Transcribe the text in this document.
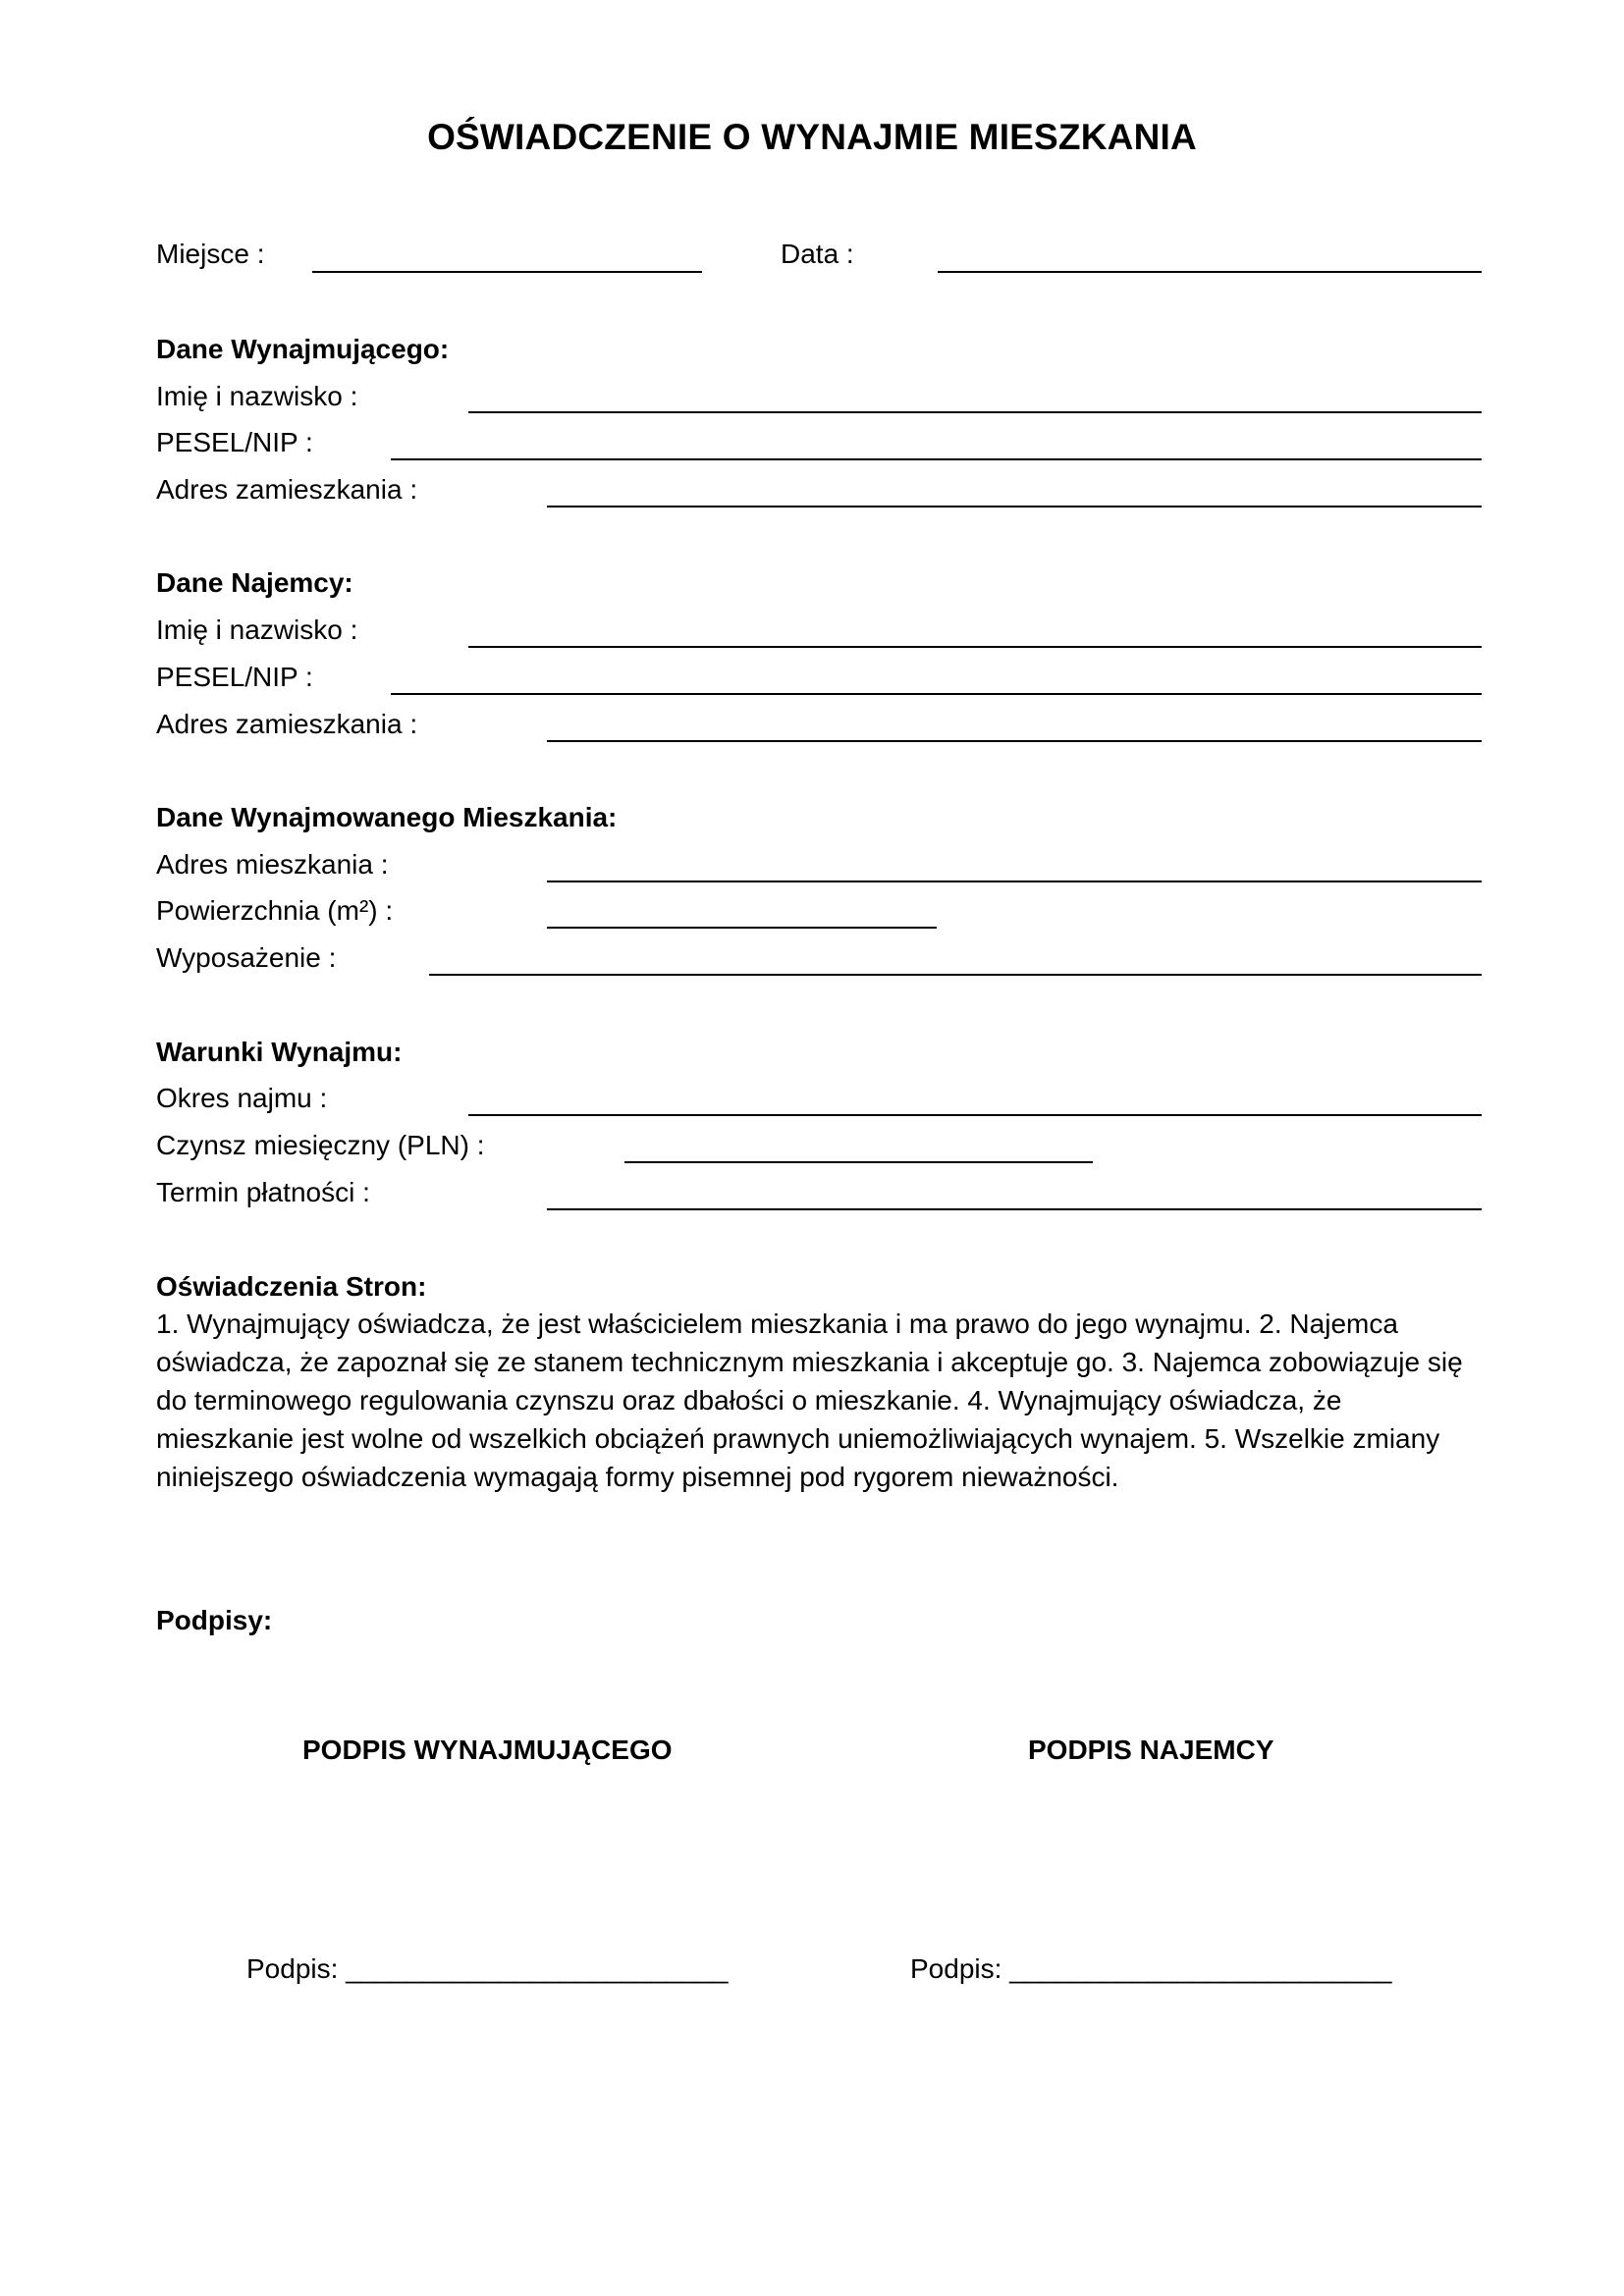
OŚWIADCZENIE O WYNAJMIE MIESZKANIA
Miejsce :	Data :
Dane Wynajmującego:
Imię i nazwisko :
PESEL/NIP :
Adres zamieszkania :
Dane Najemcy:
Imię i nazwisko :
PESEL/NIP :
Adres zamieszkania :
Dane Wynajmowanego Mieszkania:
Adres mieszkania :
Powierzchnia (m²) :
Wyposażenie :
Warunki Wynajmu:
Okres najmu :
Czynsz miesięczny (PLN) :
Termin płatności :
Oświadczenia Stron:
1. Wynajmujący oświadcza, że jest właścicielem mieszkania i ma prawo do jego wynajmu. 2. Najemca oświadcza, że zapoznał się ze stanem technicznym mieszkania i akceptuje go. 3. Najemca zobowiązuje się do terminowego regulowania czynszu oraz dbałości o mieszkanie. 4. Wynajmujący oświadcza, że mieszkanie jest wolne od wszelkich obciążeń prawnych uniemożliwiających wynajem. 5. Wszelkie zmiany niniejszego oświadczenia wymagają formy pisemnej pod rygorem nieważności.
Podpisy:
PODPIS WYNAJMUJĄCEGO	PODPIS NAJEMCY
Podpis: _________________________	Podpis: _________________________
